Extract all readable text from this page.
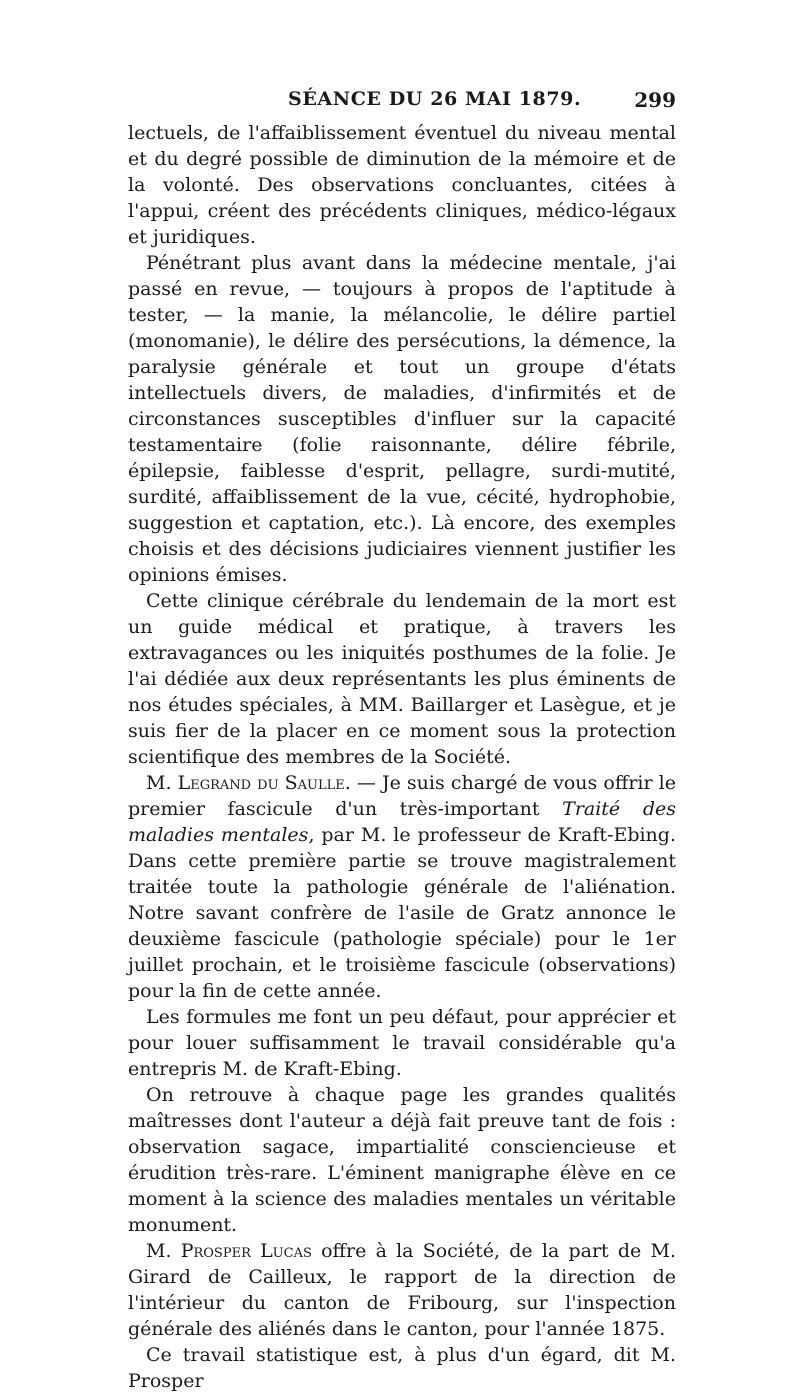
SÉANCE DU 26 MAI 1879.	299

lectuels, de l'affaiblissement éventuel du niveau mental et du degré possible de diminution de la mémoire et de la volonté. Des observations concluantes, citées à l'appui, créent des précédents cliniques, médico-légaux et juridiques.

Pénétrant plus avant dans la médecine mentale, j'ai passé en revue, — toujours à propos de l'aptitude à tester, — la manie, la mélancolie, le délire partiel (monomanie), le délire des persécutions, la démence, la paralysie générale et tout un groupe d'états intellectuels divers, de maladies, d'infirmités et de circonstances susceptibles d'influer sur la capacité testamentaire (folie raisonnante, délire fébrile, épilepsie, faiblesse d'esprit, pellagre, surdi-mutité, surdité, affaiblissement de la vue, cécité, hydrophobie, suggestion et captation, etc.). Là encore, des exemples choisis et des décisions judiciaires viennent justifier les opinions émises.

Cette clinique cérébrale du lendemain de la mort est un guide médical et pratique, à travers les extravagances ou les iniquités posthumes de la folie. Je l'ai dédiée aux deux représentants les plus éminents de nos études spéciales, à MM. Baillarger et Lasègue, et je suis fier de la placer en ce moment sous la protection scientifique des membres de la Société.

M. Legrand du Saulle. — Je suis chargé de vous offrir le premier fascicule d'un très-important Traité des maladies mentales, par M. le professeur de Kraft-Ebing. Dans cette première partie se trouve magistralement traitée toute la pathologie générale de l'aliénation. Notre savant confrère de l'asile de Gratz annonce le deuxième fascicule (pathologie spéciale) pour le 1er juillet prochain, et le troisième fascicule (observations) pour la fin de cette année.

Les formules me font un peu défaut, pour apprécier et pour louer suffisamment le travail considérable qu'a entrepris M. de Kraft-Ebing.

On retrouve à chaque page les grandes qualités maîtresses dont l'auteur a déjà fait preuve tant de fois : observation sagace, impartialité consciencieuse et érudition très-rare. L'éminent manigraphe élève en ce moment à la science des maladies mentales un véritable monument.

M. Prosper Lucas offre à la Société, de la part de M. Girard de Cailleux, le rapport de la direction de l'intérieur du canton de Fribourg, sur l'inspection générale des aliénés dans le canton, pour l'année 1875.

Ce travail statistique est, à plus d'un égard, dit M. Prosper
